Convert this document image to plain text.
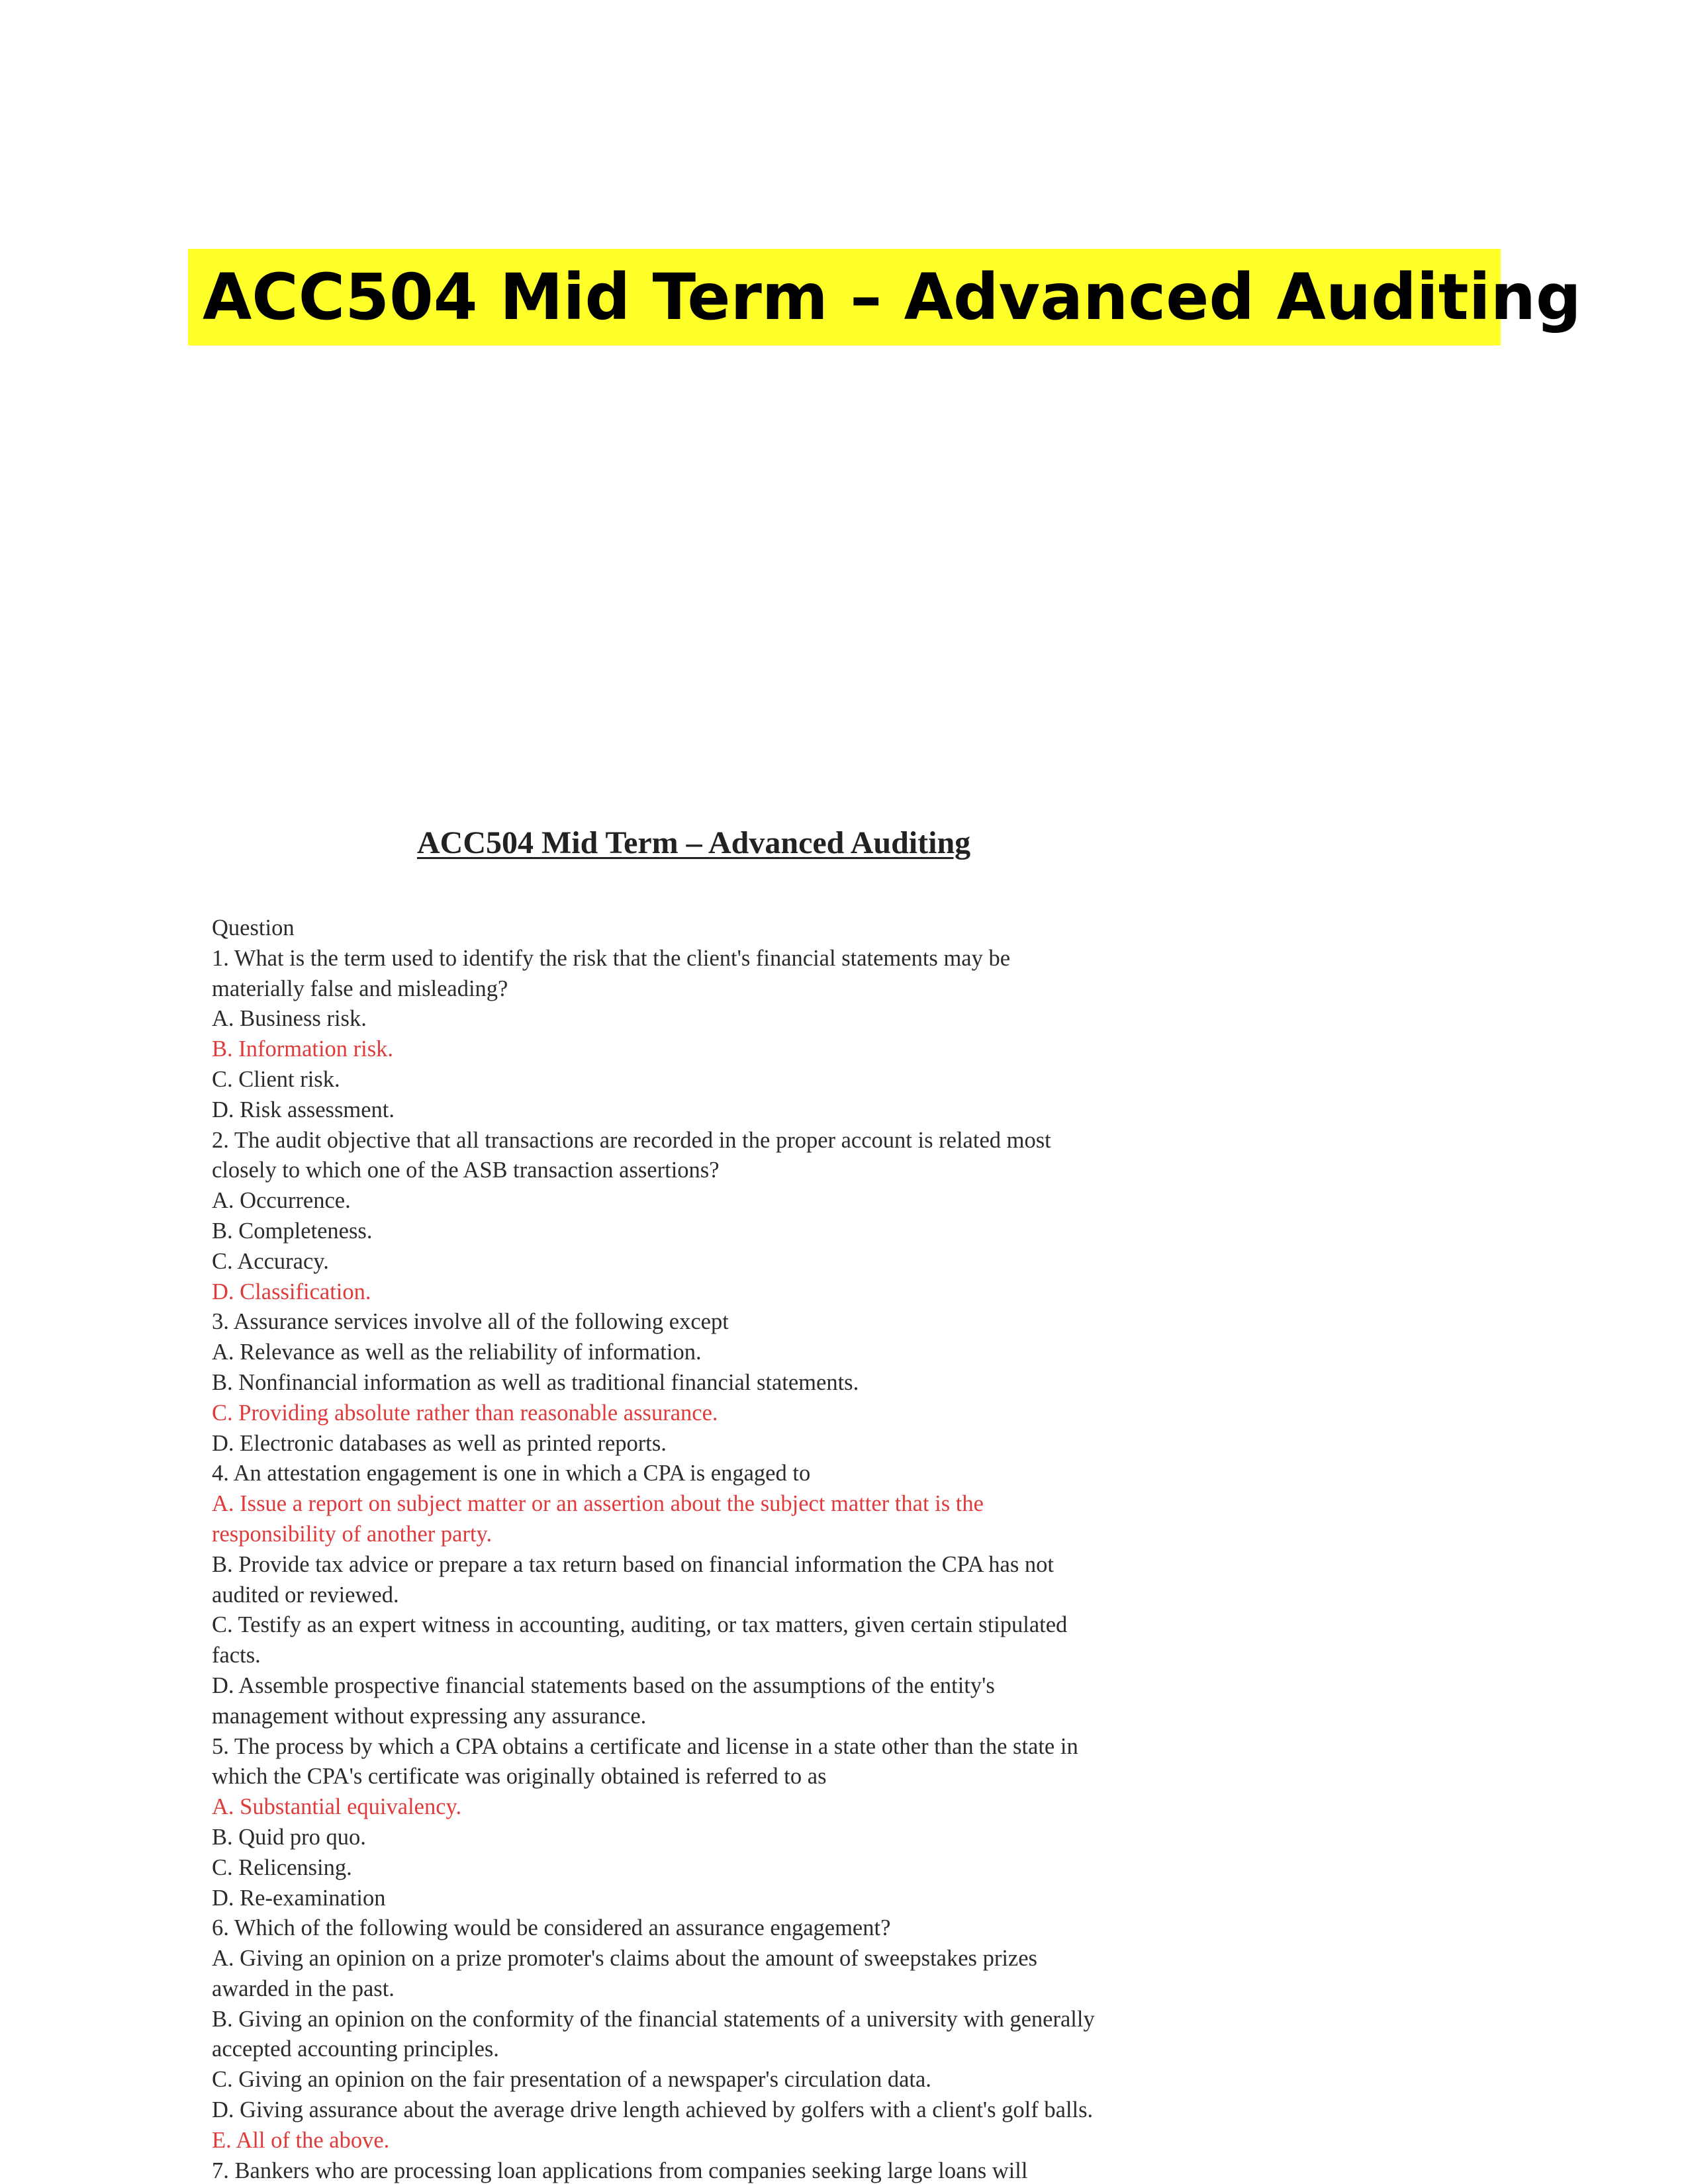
ACC504 Mid Term – Advanced Auditing
ACC504 Mid Term – Advanced Auditing
Question
1. What is the term used to identify the risk that the client's financial statements may be
materially false and misleading?
A. Business risk.
B. Information risk.
C. Client risk.
D. Risk assessment.
2. The audit objective that all transactions are recorded in the proper account is related most
closely to which one of the ASB transaction assertions?
A. Occurrence.
B. Completeness.
C. Accuracy.
D. Classification.
3. Assurance services involve all of the following except
A. Relevance as well as the reliability of information.
B. Nonfinancial information as well as traditional financial statements.
C. Providing absolute rather than reasonable assurance.
D. Electronic databases as well as printed reports.
4. An attestation engagement is one in which a CPA is engaged to
A. Issue a report on subject matter or an assertion about the subject matter that is the
responsibility of another party.
B. Provide tax advice or prepare a tax return based on financial information the CPA has not
audited or reviewed.
C. Testify as an expert witness in accounting, auditing, or tax matters, given certain stipulated
facts.
D. Assemble prospective financial statements based on the assumptions of the entity's
management without expressing any assurance.
5. The process by which a CPA obtains a certificate and license in a state other than the state in
which the CPA's certificate was originally obtained is referred to as
A. Substantial equivalency.
B. Quid pro quo.
C. Relicensing.
D. Re-examination
6. Which of the following would be considered an assurance engagement?
A. Giving an opinion on a prize promoter's claims about the amount of sweepstakes prizes
awarded in the past.
B. Giving an opinion on the conformity of the financial statements of a university with generally
accepted accounting principles.
C. Giving an opinion on the fair presentation of a newspaper's circulation data.
D. Giving assurance about the average drive length achieved by golfers with a client's golf balls.
E. All of the above.
7. Bankers who are processing loan applications from companies seeking large loans will
